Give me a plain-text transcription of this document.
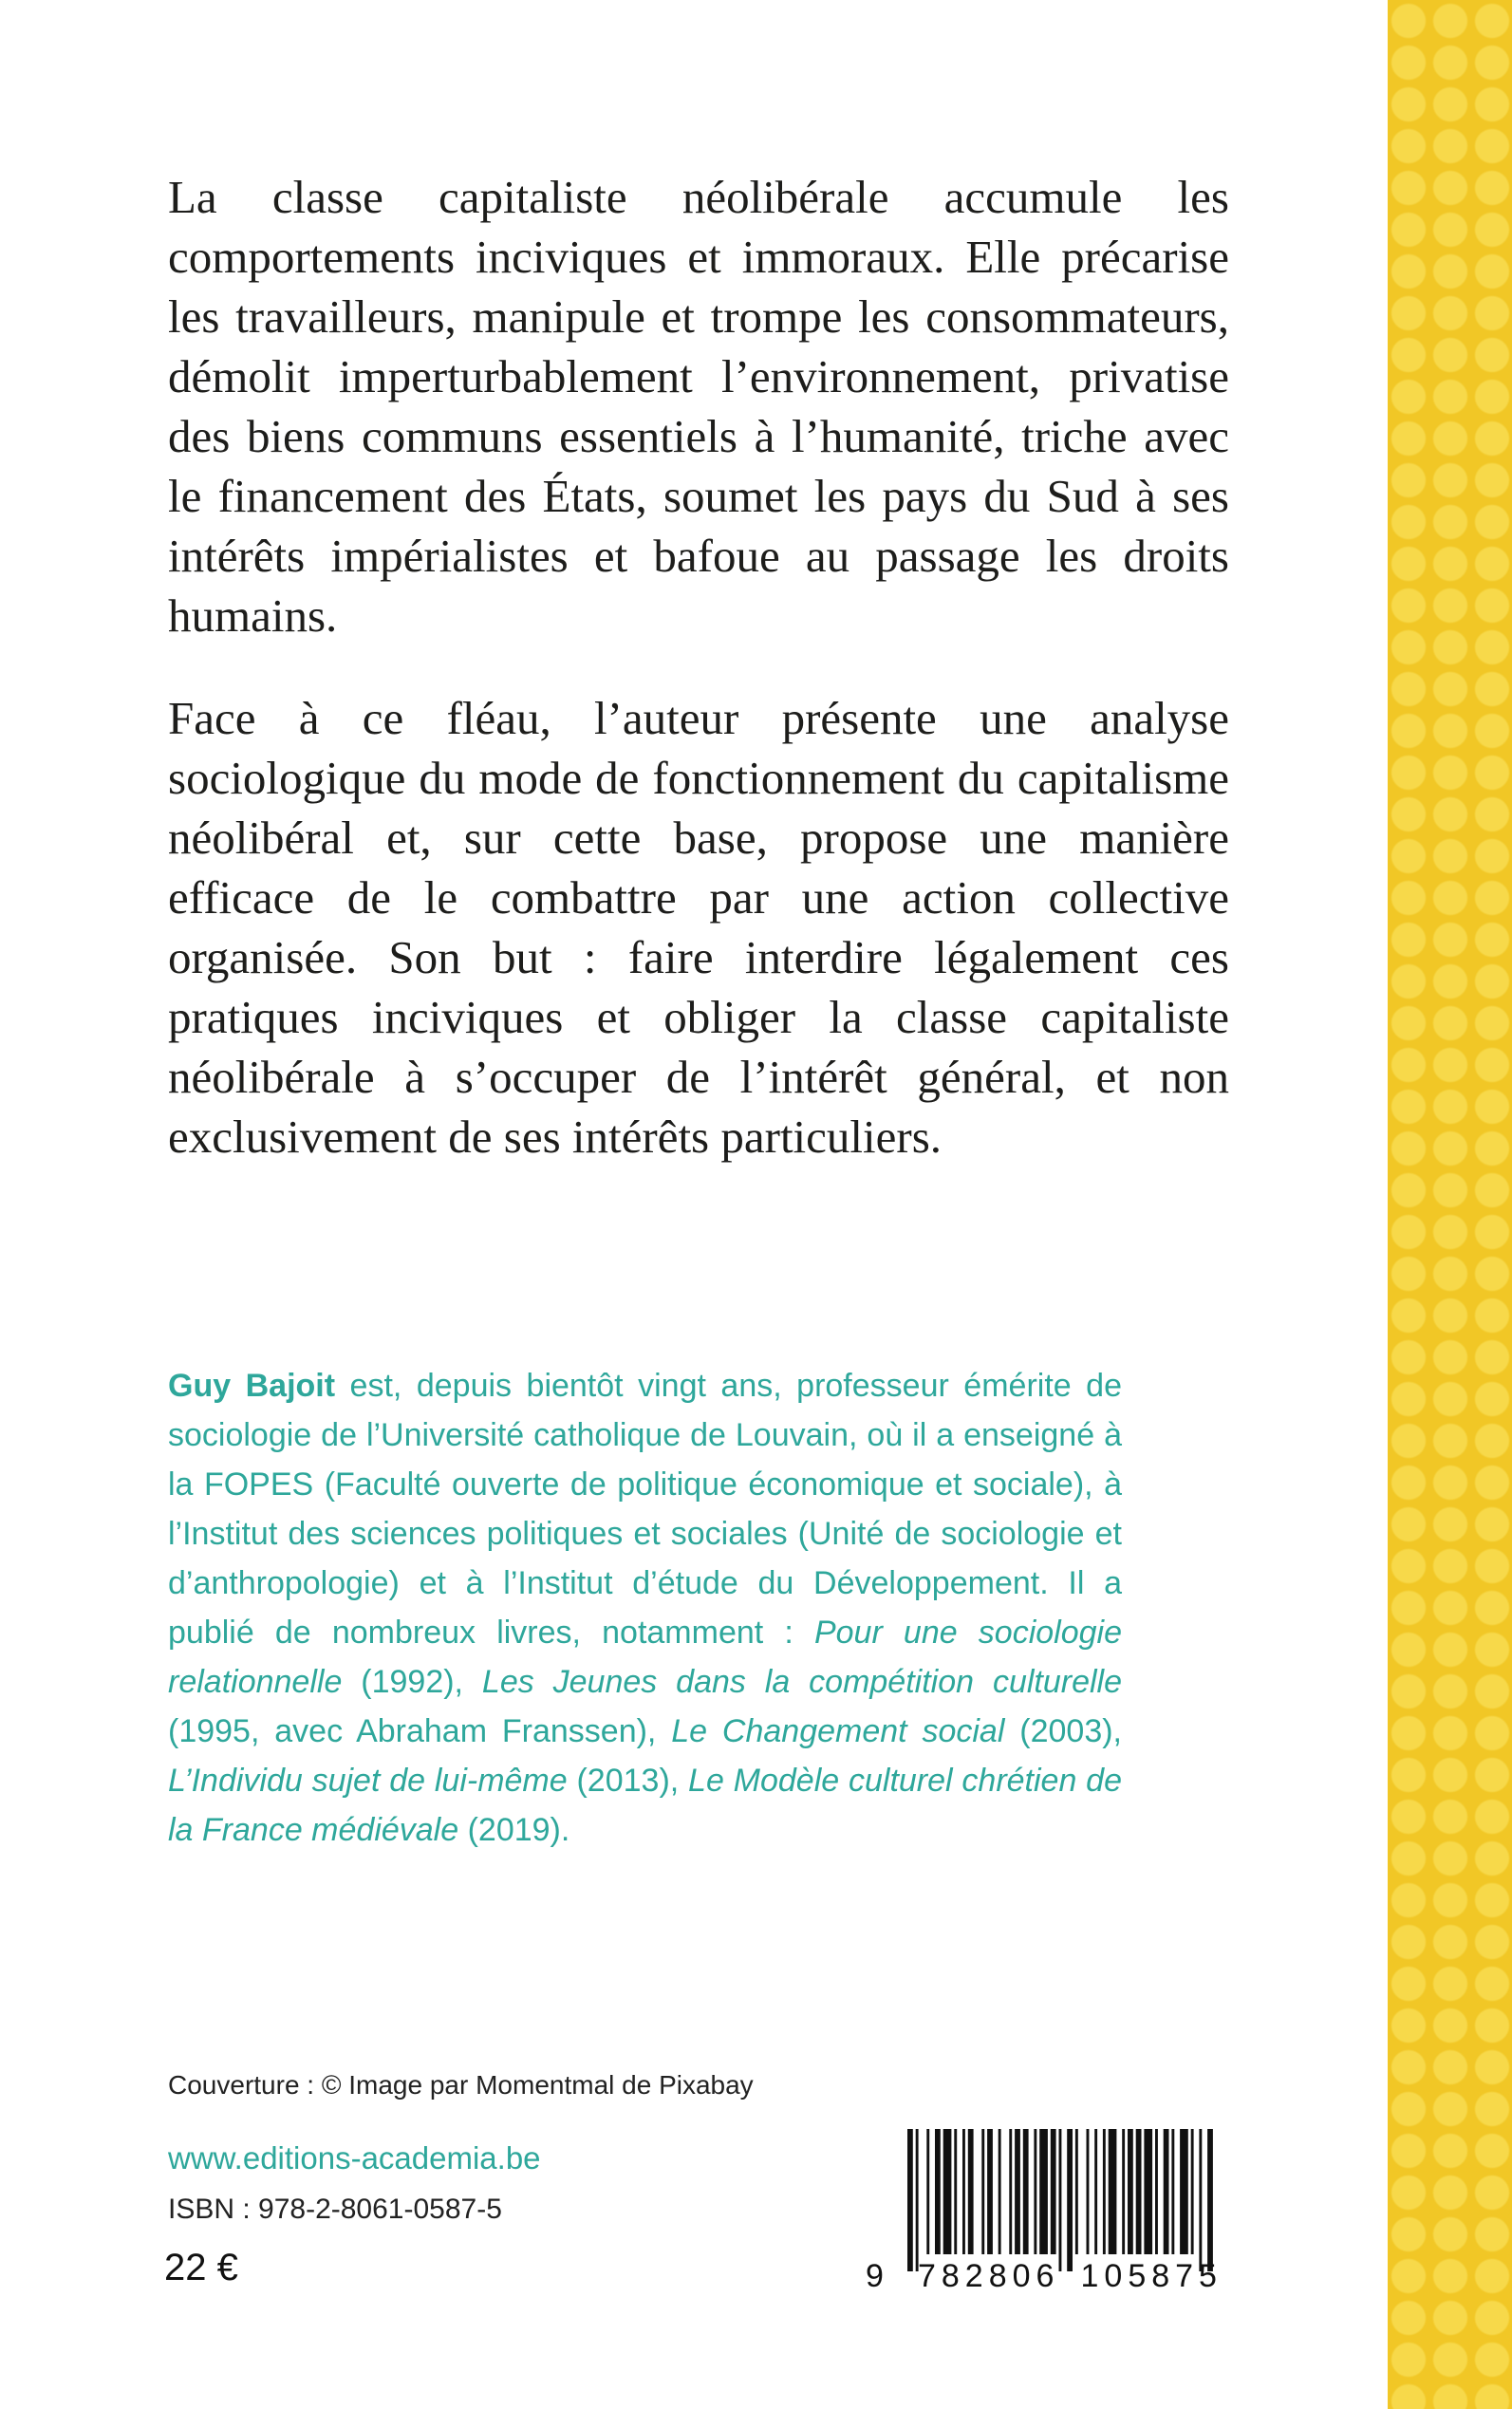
La classe capitaliste néolibérale accumule les comportements inciviques et immoraux. Elle précarise les travailleurs, manipule et trompe les consommateurs, démolit imperturbablement l’environnement, privatise des biens communs essentiels à l’humanité, triche avec le financement des États, soumet les pays du Sud à ses intérêts impérialistes et bafoue au passage les droits humains.

Face à ce fléau, l’auteur présente une analyse sociologique du mode de fonctionnement du capitalisme néolibéral et, sur cette base, propose une manière efficace de le combattre par une action collective organisée. Son but : faire interdire légalement ces pratiques inciviques et obliger la classe capitaliste néolibérale à s’occuper de l’intérêt général, et non exclusivement de ses intérêts particuliers.

Guy Bajoit est, depuis bientôt vingt ans, professeur émérite de sociologie de l’Université catholique de Louvain, où il a enseigné à la FOPES (Faculté ouverte de politique économique et sociale), à l’Institut des sciences politiques et sociales (Unité de sociologie et d’anthropologie) et à l’Institut d’étude du Développement. Il a publié de nombreux livres, notamment : Pour une sociologie relationnelle (1992), Les Jeunes dans la compétition culturelle (1995, avec Abraham Franssen), Le Changement social (2003), L’Individu sujet de lui-même (2013), Le Modèle culturel chrétien de la France médiévale (2019).

Couverture : © Image par Momentmal de Pixabay
www.editions-academia.be
ISBN : 978-2-8061-0587-5
22 €	9 782806 105875
